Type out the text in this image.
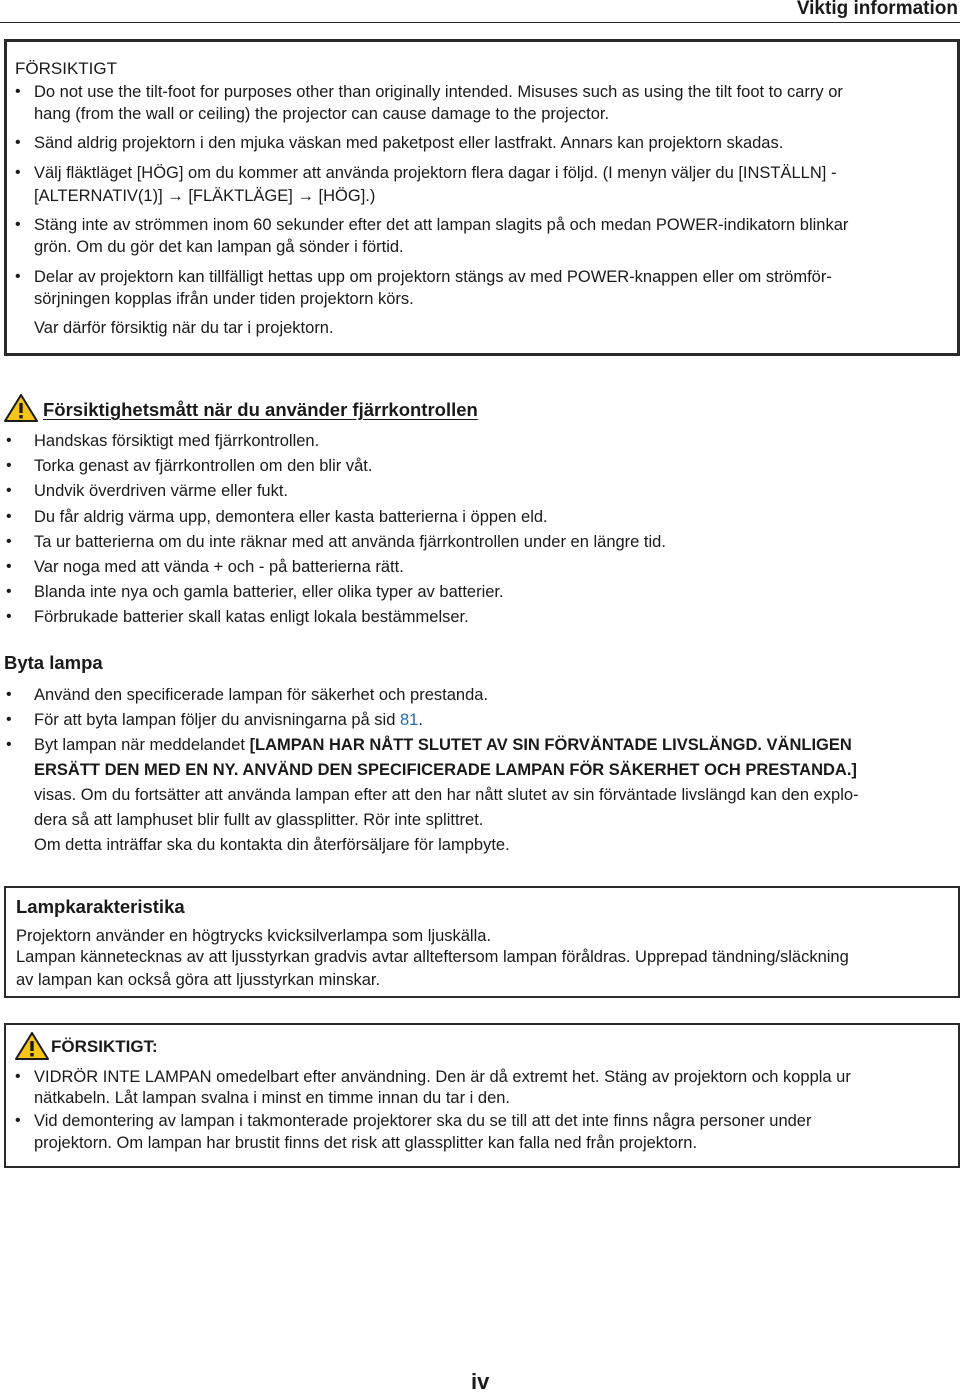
Viktig information
FÖRSIKTIGT
• Do not use the tilt-foot for purposes other than originally intended. Misuses such as using the tilt foot to carry or
hang (from the wall or ceiling) the projector can cause damage to the projector.
• Sänd aldrig projektorn i den mjuka väskan med paketpost eller lastfrakt. Annars kan projektorn skadas.
• Välj fläktläget [HÖG] om du kommer att använda projektorn flera dagar i följd. (I menyn väljer du [INSTÄLLN] -
[ALTERNATIV(1)] → [FLÄKTLÄGE] → [HÖG].)
• Stäng inte av strömmen inom 60 sekunder efter det att lampan slagits på och medan POWER-indikatorn blinkar
grön. Om du gör det kan lampan gå sönder i förtid.
• Delar av projektorn kan tillfälligt hettas upp om projektorn stängs av med POWER-knappen eller om strömför-
sörjningen kopplas ifrån under tiden projektorn körs.
Var därför försiktig när du tar i projektorn.
Försiktighetsmått när du använder fjärrkontrollen
• Handskas försiktigt med fjärrkontrollen.
• Torka genast av fjärrkontrollen om den blir våt.
• Undvik överdriven värme eller fukt.
• Du får aldrig värma upp, demontera eller kasta batterierna i öppen eld.
• Ta ur batterierna om du inte räknar med att använda fjärrkontrollen under en längre tid.
• Var noga med att vända + och - på batterierna rätt.
• Blanda inte nya och gamla batterier, eller olika typer av batterier.
• Förbrukade batterier skall katas enligt lokala bestämmelser.
Byta lampa
• Använd den specificerade lampan för säkerhet och prestanda.
• För att byta lampan följer du anvisningarna på sid 81.
• Byt lampan när meddelandet [LAMPAN HAR NÅTT SLUTET AV SIN FÖRVÄNTADE LIVSLÄNGD. VÄNLIGEN
ERSÄTT DEN MED EN NY. ANVÄND DEN SPECIFICERADE LAMPAN FÖR SÄKERHET OCH PRESTANDA.]
visas. Om du fortsätter att använda lampan efter att den har nått slutet av sin förväntade livslängd kan den explo-
dera så att lamphuset blir fullt av glassplitter. Rör inte splittret.
Om detta inträffar ska du kontakta din återförsäljare för lampbyte.
Lampkarakteristika
Projektorn använder en högtrycks kvicksilverlampa som ljuskälla.
Lampan kännetecknas av att ljusstyrkan gradvis avtar allteftersom lampan föråldras. Upprepad tändning/släckning
av lampan kan också göra att ljusstyrkan minskar.
FÖRSIKTIGT:
• VIDRÖR INTE LAMPAN omedelbart efter användning. Den är då extremt het. Stäng av projektorn och koppla ur
nätkabeln. Låt lampan svalna i minst en timme innan du tar i den.
• Vid demontering av lampan i takmonterade projektorer ska du se till att det inte finns några personer under
projektorn. Om lampan har brustit finns det risk att glassplitter kan falla ned från projektorn.
iv
